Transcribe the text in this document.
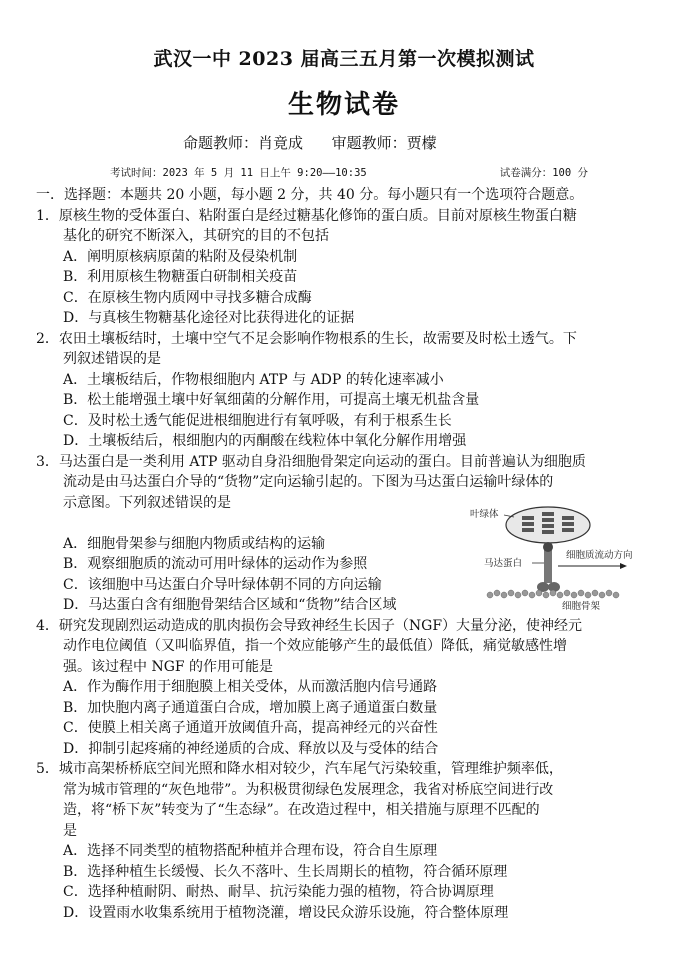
武汉一中 2023 届高三五月第一次模拟测试
生物试卷
命题教师：肖竟成      审题教师：贾檬
考试时间：2023 年 5 月 11 日上午 9:20——10:35	试卷满分：100 分
一．选择题：本题共 20 小题，每小题 2 分，共 40 分。每小题只有一个选项符合题意。
1．原核生物的受体蛋白、粘附蛋白是经过糖基化修饰的蛋白质。目前对原核生物蛋白糖
基化的研究不断深入，其研究的目的不包括
A．阐明原核病原菌的粘附及侵染机制
B．利用原核生物糖蛋白研制相关疫苗
C．在原核生物内质网中寻找多糖合成酶
D．与真核生物糖基化途径对比获得进化的证据
2．农田土壤板结时，土壤中空气不足会影响作物根系的生长，故需要及时松土透气。下
列叙述错误的是
A．土壤板结后，作物根细胞内 ATP 与 ADP 的转化速率减小
B．松土能增强土壤中好氧细菌的分解作用，可提高土壤无机盐含量
C．及时松土透气能促进根细胞进行有氧呼吸，有利于根系生长
D．土壤板结后，根细胞内的丙酮酸在线粒体中氧化分解作用增强
3．马达蛋白是一类利用 ATP 驱动自身沿细胞骨架定向运动的蛋白。目前普遍认为细胞质
流动是由马达蛋白介导的“货物”定向运输引起的。下图为马达蛋白运输叶绿体的
示意图。下列叙述错误的是
A．细胞骨架参与细胞内物质或结构的运输
B．观察细胞质的流动可用叶绿体的运动作为参照
C．该细胞中马达蛋白介导叶绿体朝不同的方向运输
D．马达蛋白含有细胞骨架结合区域和“货物”结合区域
4．研究发现剧烈运动造成的肌肉损伤会导致神经生长因子（NGF）大量分泌，使神经元
动作电位阈值（又叫临界值，指一个效应能够产生的最低值）降低，痛觉敏感性增
强。该过程中 NGF 的作用可能是
A．作为酶作用于细胞膜上相关受体，从而激活胞内信号通路
B．加快胞内离子通道蛋白合成，增加膜上离子通道蛋白数量
C．使膜上相关离子通道开放阈值升高，提高神经元的兴奋性
D．抑制引起疼痛的神经递质的合成、释放以及与受体的结合
5．城市高架桥桥底空间光照和降水相对较少，汽车尾气污染较重，管理维护频率低，
常为城市管理的“灰色地带”。为积极贯彻绿色发展理念，我省对桥底空间进行改
造，将“桥下灰”转变为了“生态绿”。在改造过程中，相关措施与原理不匹配的
是
A．选择不同类型的植物搭配种植并合理布设，符合自生原理
B．选择种植生长缓慢、长久不落叶、生长周期长的植物，符合循环原理
C．选择种植耐阴、耐热、耐旱、抗污染能力强的植物，符合协调原理
D．设置雨水收集系统用于植物浇灌，增设民众游乐设施，符合整体原理
叶绿体
马达蛋白
细胞质流动方向
细胞骨架
